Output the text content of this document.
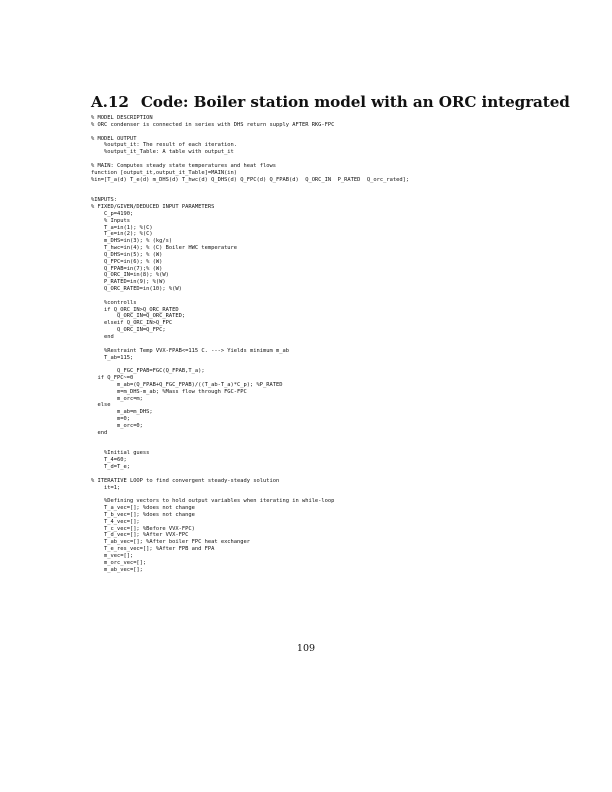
A.12 Code: Boiler station model with an ORC integrated
% MODEL DESCRIPTION
% ORC condenser is connected in series with DHS return supply AFTER RKG-FPC
% MODEL OUTPUT
%output_it: The result of each iteration.
%output_it_Table: A table with output_it
% MAIN: Computes steady state temperatures and heat flows
function [output_it,output_it_Table]=MAIN(in)
%in=[T_a(d) T_e(d) m_DHS(d) T_hwc(d) Q_DHS(d) Q_FPC(d) Q_FPAB(d)  Q_ORC_IN  P_RATED  Q_orc_rated];
%INPUTS:
% FIXED/GIVEN/DEDUCED INPUT PARAMETERS
C_p=4190;
% Inputs
T_a=in(1); %(C)
T_e=in(2); %(C)
m_DHS=in(3); % (kg/s)
T_hwc=in(4); % (C) Boiler HWC temperature
Q_DHS=in(5); % (W)
Q_FPC=in(6); % (W)
Q_FPAB=in(7);% (W)
Q_ORC_IN=in(8); %(W)
P_RATED=in(9); %(W)
Q_ORC_RATED=in(10); %(W)
%controlls
if Q_ORC_IN>Q_ORC_RATED
Q_ORC_IN=Q_ORC_RATED;
elseif Q_ORC_IN>Q_FPC
Q_ORC_IN=Q_FPC;
end
%Restraint Temp VVX-FPAB<=115 C. ---> Yields minimum m_ab
T_ab=115;
Q_FGC_FPAB=FGC(Q_FPAB,T_a);
if Q_FPC~=0
m_ab=(Q_FPAB+Q_FGC_FPAB)/((T_ab-T_a)*C_p); %P_RATED
m=m_DHS-m_ab; %Mass flow through FGC-FPC
m_orc=m;
else
m_ab=m_DHS;
m=0;
m_orc=0;
end
%Initial guess
T_4=60;
T_d=T_e;
% ITERATIVE LOOP to find convergent steady-steady solution
it=1;
%Defining vectors to hold output variables when iterating in while-loop
T_a_vec=[]; %does not change
T_b_vec=[]; %does not change
T_4_vec=[];
T_c_vec=[]; %Before VVX-FPC)
T_d_vec=[]; %After VVX-FPC
T_ab_vec=[]; %After boiler FPC heat exchanger
T_e_res_vec=[]; %After FPB and FPA
m_vec=[];
m_orc_vec=[];
m_ab_vec=[];
109
